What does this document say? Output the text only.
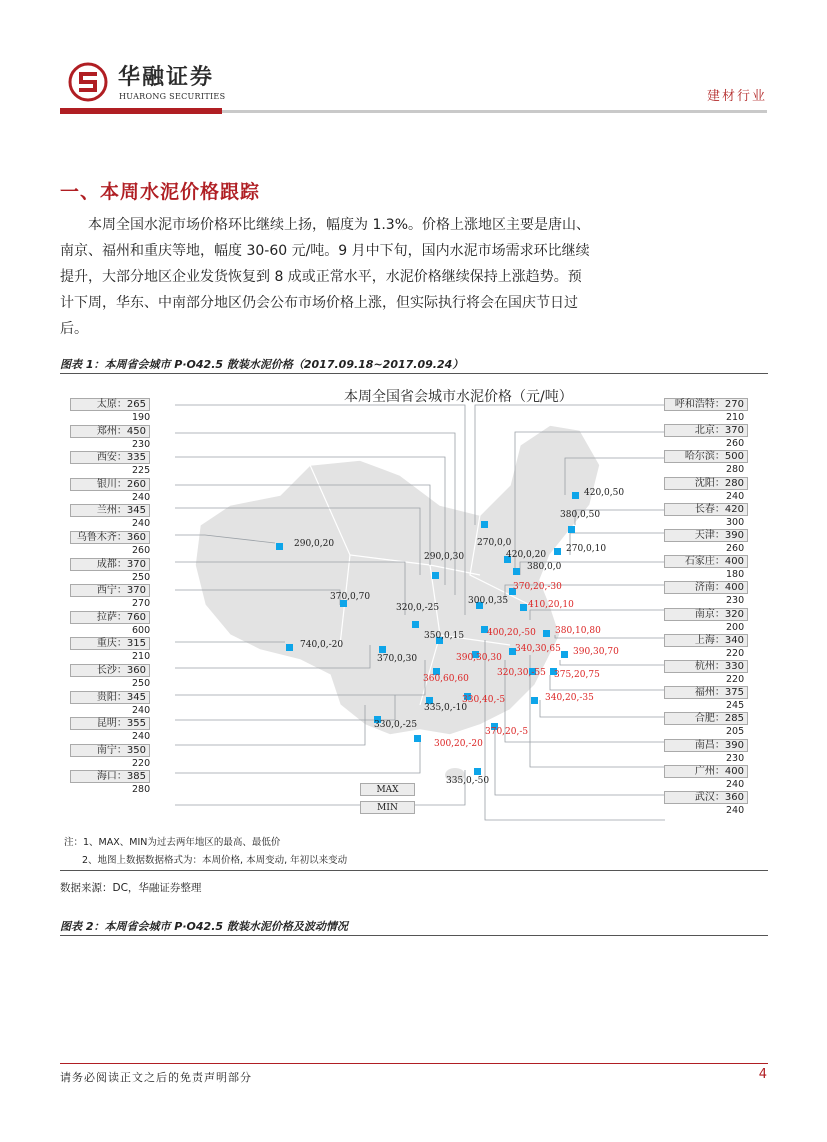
华融证券
HUARONG SECURITIES	建材行业
一、本周水泥价格跟踪
本周全国水泥市场价格环比继续上扬，幅度为 1.3%。价格上涨地区主要是唐山、南京、福州和重庆等地，幅度 30-60 元/吨。9 月中下旬，国内水泥市场需求环比继续提升，大部分地区企业发货恢复到 8 成或正常水平，水泥价格继续保持上涨趋势。预计下周，华东、中南部分地区仍会公布市场价格上涨，但实际执行将会在国庆节日过后。
图表 1：本周省会城市 P·O42.5 散装水泥价格（2017.09.18~2017.09.24）
本周全国省会城市水泥价格（元/吨）
太原：265
190
郑州：450
230
西安：335
225
银川：260
240
兰州：345
240
乌鲁木齐：360
260
成都：370
250
西宁：370
270
拉萨：760
600
重庆：315
210
长沙：360
250
贵阳：345
240
昆明：355
240
南宁：350
220
海口：385
280
呼和浩特：270
210
北京：370
260
哈尔滨：500
280
沈阳：280
240
长春：420
300
天津：390
260
石家庄：400
180
济南：400
230
南京：320
200
上海：340
220
杭州：330
220
福州：375
245
合肥：285
205
南昌：390
230
广州：400
240
武汉：360
240
290,0,20
370,0,70
740,0,-20
290,0,30
320,0,-25
350,0,15
300,0,35
270,0,0
420,0,20
380,0,0
270,0,10
380,0,50
420,0,50
370,0,30
335,0,-10
330,0,-25
335,0,-50
370,20,-30
410,20,10
400,20,-50 380,10,80
390,30,30
340,30,65 390,30,70
360,60,60
320,30,-55 375,20,75
330,40,-5	340,20,-35
370,20,-5
300,20,-20
MAX
MIN
注：1、MAX、MIN为过去两年地区的最高、最低价
2、地图上数据数据格式为：本周价格, 本周变动, 年初以来变动
数据来源：DC，华融证券整理
图表 2：本周省会城市 P·O42.5 散装水泥价格及波动情况
请务必阅读正文之后的免责声明部分	4
